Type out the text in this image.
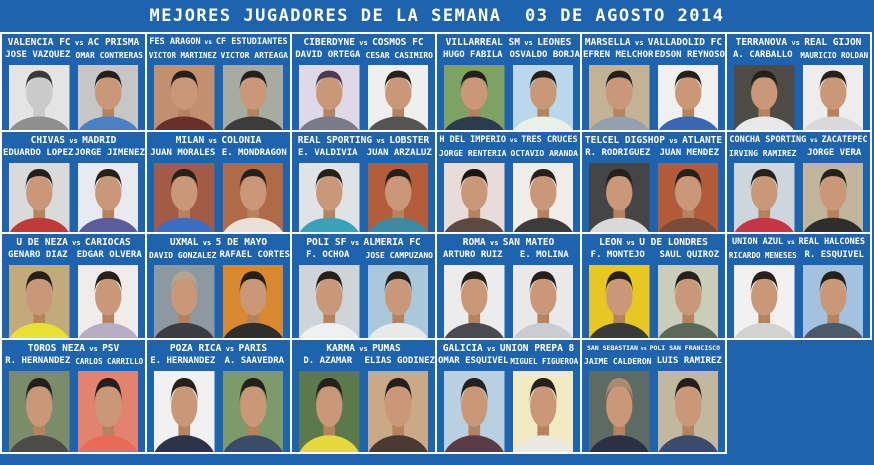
MEJORES JUGADORES DE LA SEMANA  03 DE AGOSTO 2014
VALENCIA FC vs AC PRISMA
JOSE VAZQUEZ OMAR CONTRERAS
FES ARAGON vs CF ESTUDIANTES
VICTOR MARTINEZ VICTOR ARTEAGA
CIBERDYNE vs COSMOS FC
DAVID ORTEGA CESAR CASIMIRO
VILLARREAL SM vs LEONES
HUGO FABILA OSVALDO BORJA
MARSELLA vs VALLADOLID FC
EFREN MELCHOR EDSON REYNOSO
TERRANOVA vs REAL GIJON
A. CARBALLO	MAURICIO ROLDAN
CHIVAS vs MADRID
EDUARDO LOPEZ JORGE JIMENEZ
MILAN vs COLONIA
JUAN MORALES E. MONDRAGON
REAL SPORTING vs LOBSTER
E. VALDIVIA	JUAN ARZALUZ
H DEL IMPERIO vs TRES CRUCES
JORGE RENTERIA OCTAVIO ARANDA
TELCEL DIGSHOP vs ATLANTE
R. RODRIGUEZ	JUAN MENDEZ
CONCHA SPORTING vs ZACATEPEC
IRVING RAMIREZ	JORGE VERA
U DE NEZA vs CARIOCAS
GENARO DIAZ	EDGAR OLVERA
UXMAL vs 5 DE MAYO
DAVID GONZALEZ RAFAEL CORTES
POLI SF vs ALMERIA FC
F. OCHOA	JOSE CAMPUZANO
ROMA vs SAN MATEO
ARTURO RUIZ	E. MOLINA
LEON vs U DE LONDRES
F. MONTEJO	SAUL QUIROZ
UNION AZUL vs REAL HALCONES
RICARDO MENESES R. ESQUIVEL
TOROS NEZA vs PSV
R. HERNANDEZ CARLOS CARRILLO
POZA RICA vs PARIS
E. HERNANDEZ	A. SAAVEDRA
KARMA vs PUMAS
D. AZAMAR	ELIAS GODINEZ
GALICIA vs UNION PREPA 8
OMAR ESQUIVEL MIGUEL FIGUEROA
SAN SEBASTIAN vs POLI SAN FRANCISCO
JAIME CALDERON LUIS RAMIREZ
